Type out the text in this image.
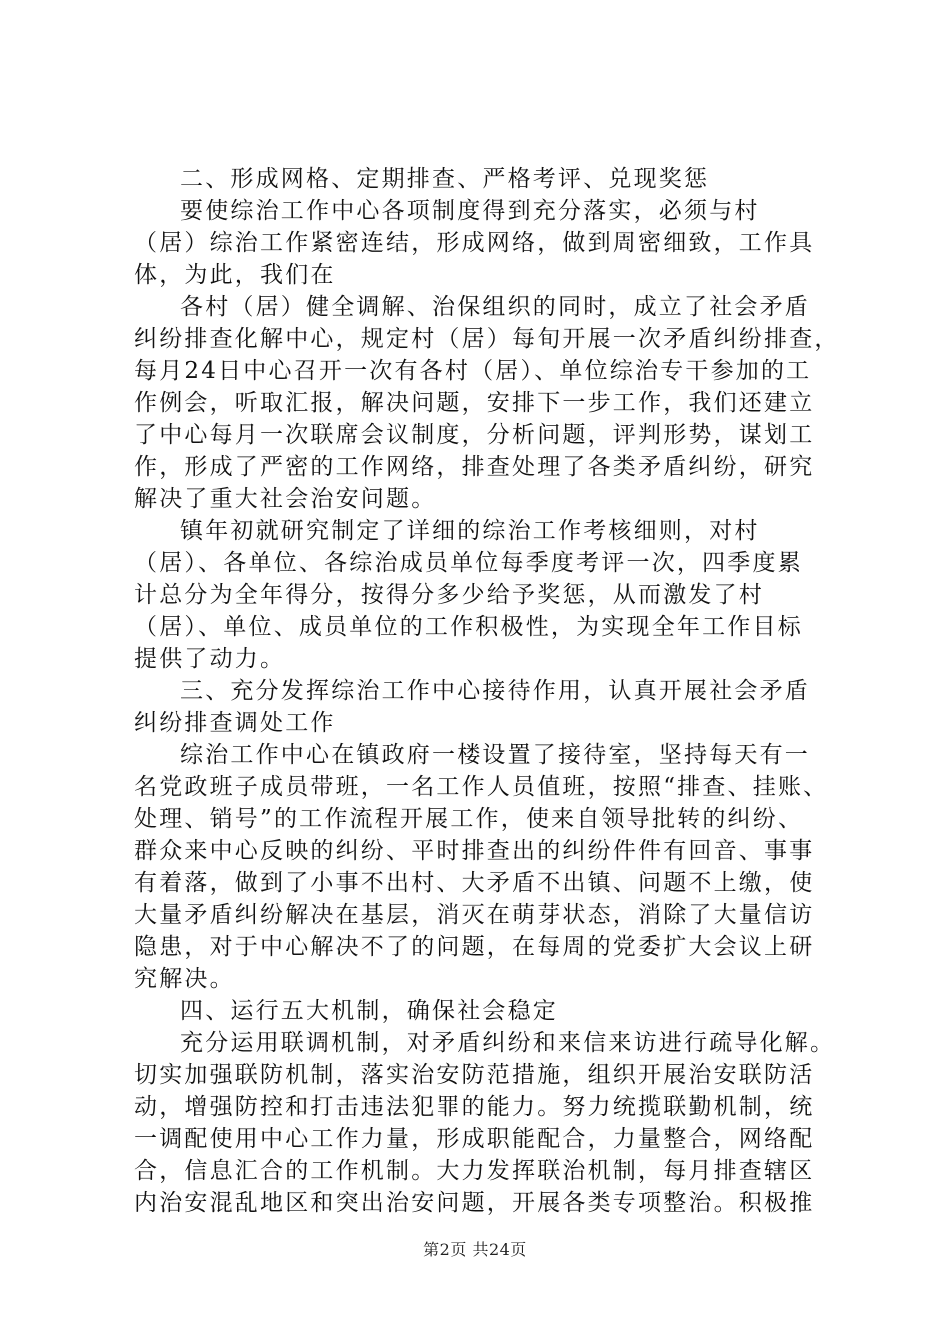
二、形成网格、定期排查、严格考评、兑现奖惩
要使综治工作中心各项制度得到充分落实，必须与村
（居）综治工作紧密连结，形成网络，做到周密细致，工作具
体，为此，我们在
各村（居）健全调解、治保组织的同时，成立了社会矛盾
纠纷排查化解中心，规定村（居）每旬开展一次矛盾纠纷排查，
每月24日中心召开一次有各村（居）、单位综治专干参加的工
作例会，听取汇报，解决问题，安排下一步工作，我们还建立
了中心每月一次联席会议制度，分析问题，评判形势，谋划工
作，形成了严密的工作网络，排查处理了各类矛盾纠纷，研究
解决了重大社会治安问题。
镇年初就研究制定了详细的综治工作考核细则，对村
（居）、各单位、各综治成员单位每季度考评一次，四季度累
计总分为全年得分，按得分多少给予奖惩，从而激发了村
（居）、单位、成员单位的工作积极性，为实现全年工作目标
提供了动力。
三、充分发挥综治工作中心接待作用，认真开展社会矛盾
纠纷排查调处工作
综治工作中心在镇政府一楼设置了接待室，坚持每天有一
名党政班子成员带班，一名工作人员值班，按照“排查、挂账、
处理、销号”的工作流程开展工作，使来自领导批转的纠纷、
群众来中心反映的纠纷、平时排查出的纠纷件件有回音、事事
有着落，做到了小事不出村、大矛盾不出镇、问题不上缴，使
大量矛盾纠纷解决在基层，消灭在萌芽状态，消除了大量信访
隐患，对于中心解决不了的问题，在每周的党委扩大会议上研
究解决。
四、运行五大机制，确保社会稳定
充分运用联调机制，对矛盾纠纷和来信来访进行疏导化解。
切实加强联防机制，落实治安防范措施，组织开展治安联防活
动，增强防控和打击违法犯罪的能力。努力统揽联勤机制，统
一调配使用中心工作力量，形成职能配合，力量整合，网络配
合，信息汇合的工作机制。大力发挥联治机制，每月排查辖区
内治安混乱地区和突出治安问题，开展各类专项整治。积极推
第2页 共24页
